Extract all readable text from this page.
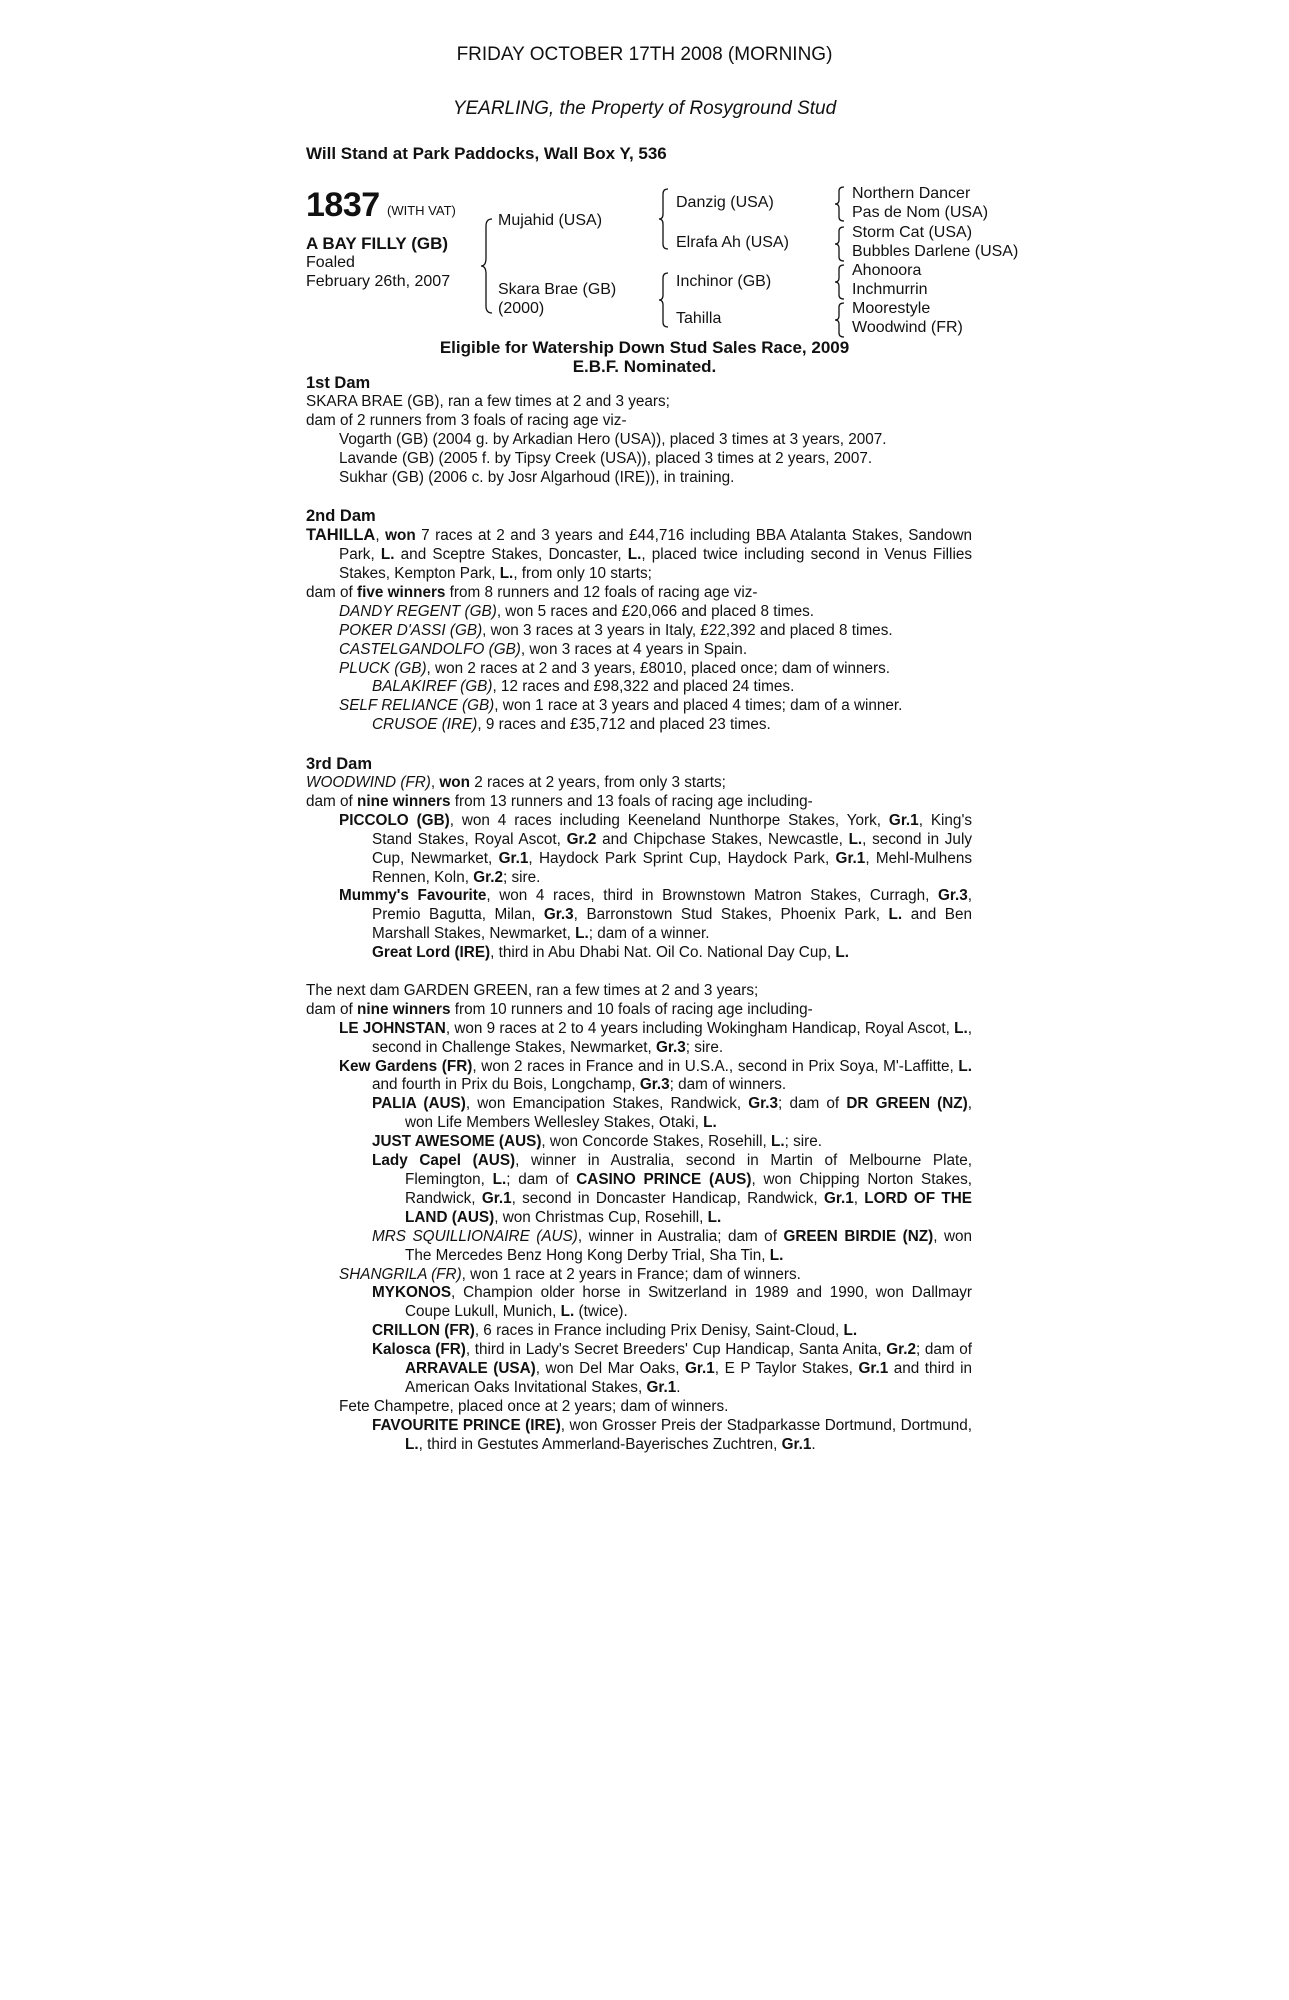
FRIDAY OCTOBER 17TH 2008 (MORNING)
YEARLING, the Property of Rosyground Stud
Will Stand at Park Paddocks, Wall Box Y, 536
1837 (WITH VAT)
A BAY FILLY (GB)
Foaled
February 26th, 2007
Mujahid (USA)
Skara Brae (GB)
(2000)
Danzig (USA)
Elrafa Ah (USA)
Inchinor (GB)
Tahilla
Northern Dancer
Pas de Nom (USA)
Storm Cat (USA)
Bubbles Darlene (USA)
Ahonoora
Inchmurrin
Moorestyle
Woodwind (FR)
Eligible for Watership Down Stud Sales Race, 2009
E.B.F. Nominated.

1st Dam

SKARA BRAE (GB), ran a few times at 2 and 3 years;

dam of 2 runners from 3 foals of racing age viz-

Vogarth (GB) (2004 g. by Arkadian Hero (USA)), placed 3 times at 3 years, 2007.

Lavande (GB) (2005 f. by Tipsy Creek (USA)), placed 3 times at 2 years, 2007.

Sukhar (GB) (2006 c. by Josr Algarhoud (IRE)), in training.

2nd Dam

TAHILLA, won 7 races at 2 and 3 years and £44,716 including BBA Atalanta Stakes, Sandown Park, L. and Sceptre Stakes, Doncaster, L., placed twice including second in Venus Fillies Stakes, Kempton Park, L., from only 10 starts;

dam of five winners from 8 runners and 12 foals of racing age viz-

DANDY REGENT (GB), won 5 races and £20,066 and placed 8 times.

POKER D'ASSI (GB), won 3 races at 3 years in Italy, £22,392 and placed 8 times.

CASTELGANDOLFO (GB), won 3 races at 4 years in Spain.

PLUCK (GB), won 2 races at 2 and 3 years, £8010, placed once; dam of winners.

BALAKIREF (GB), 12 races and £98,322 and placed 24 times.

SELF RELIANCE (GB), won 1 race at 3 years and placed 4 times; dam of a winner.

CRUSOE (IRE), 9 races and £35,712 and placed 23 times.

3rd Dam

WOODWIND (FR), won 2 races at 2 years, from only 3 starts;

dam of nine winners from 13 runners and 13 foals of racing age including-

PICCOLO (GB), won 4 races including Keeneland Nunthorpe Stakes, York, Gr.1, King's Stand Stakes, Royal Ascot, Gr.2 and Chipchase Stakes, Newcastle, L., second in July Cup, Newmarket, Gr.1, Haydock Park Sprint Cup, Haydock Park, Gr.1, Mehl-Mulhens Rennen, Koln, Gr.2; sire.

Mummy's Favourite, won 4 races, third in Brownstown Matron Stakes, Curragh, Gr.3, Premio Bagutta, Milan, Gr.3, Barronstown Stud Stakes, Phoenix Park, L. and Ben Marshall Stakes, Newmarket, L.; dam of a winner.

Great Lord (IRE), third in Abu Dhabi Nat. Oil Co. National Day Cup, L.

The next dam GARDEN GREEN, ran a few times at 2 and 3 years;

dam of nine winners from 10 runners and 10 foals of racing age including-

LE JOHNSTAN, won 9 races at 2 to 4 years including Wokingham Handicap, Royal Ascot, L., second in Challenge Stakes, Newmarket, Gr.3; sire.

Kew Gardens (FR), won 2 races in France and in U.S.A., second in Prix Soya, M'-Laffitte, L. and fourth in Prix du Bois, Longchamp, Gr.3; dam of winners.

PALIA (AUS), won Emancipation Stakes, Randwick, Gr.3; dam of DR GREEN (NZ), won Life Members Wellesley Stakes, Otaki, L.

JUST AWESOME (AUS), won Concorde Stakes, Rosehill, L.; sire.

Lady Capel (AUS), winner in Australia, second in Martin of Melbourne Plate, Flemington, L.; dam of CASINO PRINCE (AUS), won Chipping Norton Stakes, Randwick, Gr.1, second in Doncaster Handicap, Randwick, Gr.1, LORD OF THE LAND (AUS), won Christmas Cup, Rosehill, L.

MRS SQUILLIONAIRE (AUS), winner in Australia; dam of GREEN BIRDIE (NZ), won The Mercedes Benz Hong Kong Derby Trial, Sha Tin, L.

SHANGRILA (FR), won 1 race at 2 years in France; dam of winners.

MYKONOS, Champion older horse in Switzerland in 1989 and 1990, won Dallmayr Coupe Lukull, Munich, L. (twice).

CRILLON (FR), 6 races in France including Prix Denisy, Saint-Cloud, L.

Kalosca (FR), third in Lady's Secret Breeders' Cup Handicap, Santa Anita, Gr.2; dam of ARRAVALE (USA), won Del Mar Oaks, Gr.1, E P Taylor Stakes, Gr.1 and third in American Oaks Invitational Stakes, Gr.1.

Fete Champetre, placed once at 2 years; dam of winners.

FAVOURITE PRINCE (IRE), won Grosser Preis der Stadparkasse Dortmund, Dortmund, L., third in Gestutes Ammerland-Bayerisches Zuchtren, Gr.1.
